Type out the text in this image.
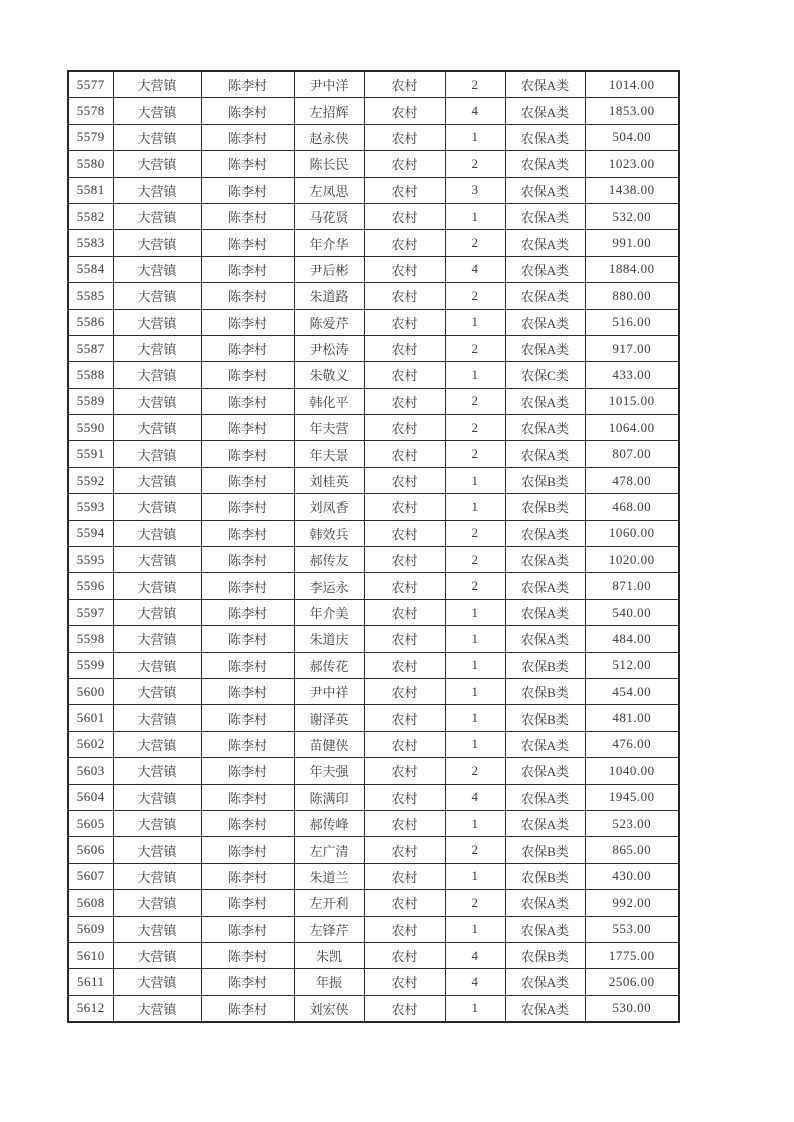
5577	大营镇	陈李村	尹中洋	农村	2	农保A类	1014.00
5578	大营镇	陈李村	左招辉	农村	4	农保A类	1853.00
5579	大营镇	陈李村	赵永侠	农村	1	农保A类	504.00
5580	大营镇	陈李村	陈长民	农村	2	农保A类	1023.00
5581	大营镇	陈李村	左凤思	农村	3	农保A类	1438.00
5582	大营镇	陈李村	马花贤	农村	1	农保A类	532.00
5583	大营镇	陈李村	年介华	农村	2	农保A类	991.00
5584	大营镇	陈李村	尹后彬	农村	4	农保A类	1884.00
5585	大营镇	陈李村	朱道路	农村	2	农保A类	880.00
5586	大营镇	陈李村	陈爱芹	农村	1	农保A类	516.00
5587	大营镇	陈李村	尹松涛	农村	2	农保A类	917.00
5588	大营镇	陈李村	朱敬义	农村	1	农保C类	433.00
5589	大营镇	陈李村	韩化平	农村	2	农保A类	1015.00
5590	大营镇	陈李村	年夫营	农村	2	农保A类	1064.00
5591	大营镇	陈李村	年夫景	农村	2	农保A类	807.00
5592	大营镇	陈李村	刘桂英	农村	1	农保B类	478.00
5593	大营镇	陈李村	刘凤香	农村	1	农保B类	468.00
5594	大营镇	陈李村	韩效兵	农村	2	农保A类	1060.00
5595	大营镇	陈李村	郝传友	农村	2	农保A类	1020.00
5596	大营镇	陈李村	李运永	农村	2	农保A类	871.00
5597	大营镇	陈李村	年介美	农村	1	农保A类	540.00
5598	大营镇	陈李村	朱道庆	农村	1	农保A类	484.00
5599	大营镇	陈李村	郝传花	农村	1	农保B类	512.00
5600	大营镇	陈李村	尹中祥	农村	1	农保B类	454.00
5601	大营镇	陈李村	谢泽英	农村	1	农保B类	481.00
5602	大营镇	陈李村	苗健侠	农村	1	农保A类	476.00
5603	大营镇	陈李村	年夫强	农村	2	农保A类	1040.00
5604	大营镇	陈李村	陈满印	农村	4	农保A类	1945.00
5605	大营镇	陈李村	郝传峰	农村	1	农保A类	523.00
5606	大营镇	陈李村	左广清	农村	2	农保B类	865.00
5607	大营镇	陈李村	朱道兰	农村	1	农保B类	430.00
5608	大营镇	陈李村	左开利	农村	2	农保A类	992.00
5609	大营镇	陈李村	左锋芹	农村	1	农保A类	553.00
5610	大营镇	陈李村	朱凯	农村	4	农保B类	1775.00
5611	大营镇	陈李村	年振	农村	4	农保A类	2506.00
5612	大营镇	陈李村	刘宏侠	农村	1	农保A类	530.00
